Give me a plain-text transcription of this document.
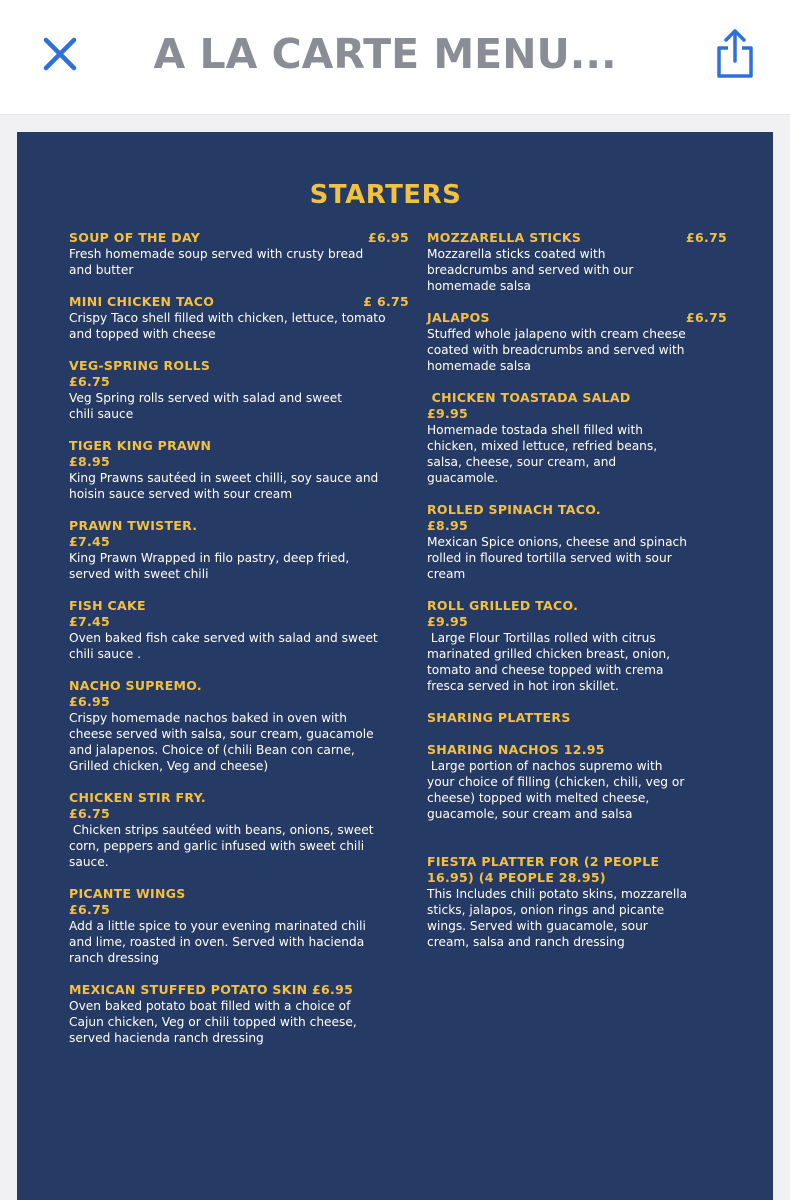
A LA CARTE MENU...
STARTERS
£6.95
SOUP OF THE DAY
Fresh homemade soup served with crusty bread
and butter
£ 6.75
MINI CHICKEN TACO
Crispy Taco shell filled with chicken, lettuce, tomato
and topped with cheese
VEG-SPRING ROLLS
£6.75
Veg Spring rolls served with salad and sweet
chili sauce
TIGER KING PRAWN
£8.95
King Prawns sautéed in sweet chilli, soy sauce and
hoisin sauce served with sour cream
PRAWN TWISTER.
£7.45
King Prawn Wrapped in filo pastry, deep fried,
served with sweet chili
FISH CAKE
£7.45
Oven baked fish cake served with salad and sweet
chili sauce .
NACHO SUPREMO.
£6.95
Crispy homemade nachos baked in oven with
cheese served with salsa, sour cream, guacamole
and jalapenos. Choice of (chili Bean con carne,
Grilled chicken, Veg and cheese)
CHICKEN STIR FRY.
£6.75
Chicken strips sautéed with beans, onions, sweet
corn, peppers and garlic infused with sweet chili
sauce.
PICANTE WINGS
£6.75
Add a little spice to your evening marinated chili
and lime, roasted in oven. Served with hacienda
ranch dressing
MEXICAN STUFFED POTATO SKIN £6.95
Oven baked potato boat filled with a choice of
Cajun chicken, Veg or chili topped with cheese,
served hacienda ranch dressing
£6.75
MOZZARELLA STICKS
Mozzarella sticks coated with
breadcrumbs and served with our
homemade salsa
£6.75
JALAPOS
Stuffed whole jalapeno with cream cheese
coated with breadcrumbs and served with
homemade salsa
CHICKEN TOASTADA SALAD
£9.95
Homemade tostada shell filled with
chicken, mixed lettuce, refried beans,
salsa, cheese, sour cream, and
guacamole.
ROLLED SPINACH TACO.
£8.95
Mexican Spice onions, cheese and spinach
rolled in floured tortilla served with sour
cream
ROLL GRILLED TACO.
£9.95
Large Flour Tortillas rolled with citrus
marinated grilled chicken breast, onion,
tomato and cheese topped with crema
fresca served in hot iron skillet.
SHARING PLATTERS
SHARING NACHOS 12.95
Large portion of nachos supremo with
your choice of filling (chicken, chili, veg or
cheese) topped with melted cheese,
guacamole, sour cream and salsa
FIESTA PLATTER FOR (2 PEOPLE
16.95) (4 PEOPLE 28.95)
This Includes chili potato skins, mozzarella
sticks, jalapos, onion rings and picante
wings. Served with guacamole, sour
cream, salsa and ranch dressing
